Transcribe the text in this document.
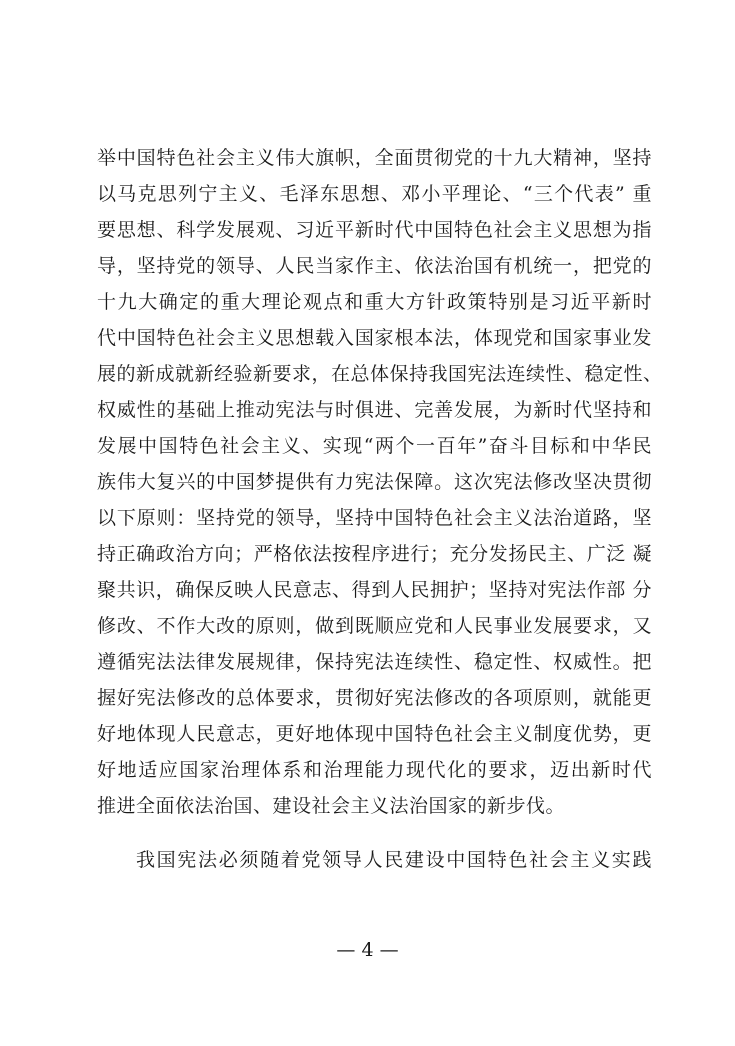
举中国特色社会主义伟大旗帜，全面贯彻党的十九大精神，坚持
以马克思列宁主义、毛泽东思想、邓小平理论、“三个代表” 重
要思想、科学发展观、习近平新时代中国特色社会主义思想为指
导，坚持党的领导、人民当家作主、依法治国有机统一，把党的
十九大确定的重大理论观点和重大方针政策特别是习近平新时
代中国特色社会主义思想载入国家根本法，体现党和国家事业发
展的新成就新经验新要求，在总体保持我国宪法连续性、稳定性、
权威性的基础上推动宪法与时俱进、完善发展，为新时代坚持和
发展中国特色社会主义、实现“两个一百年”奋斗目标和中华民
族伟大复兴的中国梦提供有力宪法保障。这次宪法修改坚决贯彻
以下原则：坚持党的领导，坚持中国特色社会主义法治道路，坚
持正确政治方向；严格依法按程序进行；充分发扬民主、广泛 凝
聚共识，确保反映人民意志、得到人民拥护；坚持对宪法作部 分
修改、不作大改的原则，做到既顺应党和人民事业发展要求，又
遵循宪法法律发展规律，保持宪法连续性、稳定性、权威性。把
握好宪法修改的总体要求，贯彻好宪法修改的各项原则，就能更
好地体现人民意志，更好地体现中国特色社会主义制度优势，更
好地适应国家治理体系和治理能力现代化的要求，迈出新时代
推进全面依法治国、建设社会主义法治国家的新步伐。
我国宪法必须随着党领导人民建设中国特色社会主义实践
— 4 —
